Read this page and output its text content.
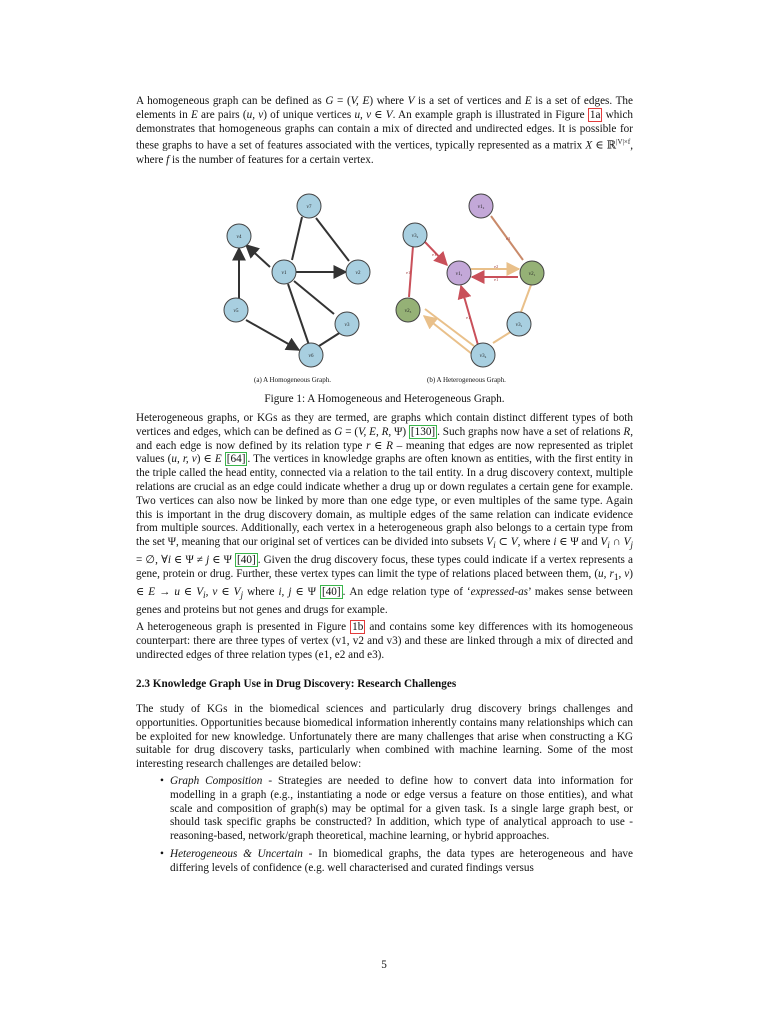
A homogeneous graph can be defined as G = (V, E) where V is a set of vertices and E is a set of edges. The elements in E are pairs (u, v) of unique vertices u, v ∈ V. An example graph is illustrated in Figure 1a which demonstrates that homogeneous graphs can contain a mix of directed and undirected edges. It is possible for these graphs to have a set of features associated with the vertices, typically represented as a matrix X ∈ ℝ$^{|V|\times f}$, where f is the number of features for a certain vertex.

e1
e1
e1
e1
e2
e3
v7
v4
v1	v2
v5
v3
v6
v1₂
v3₂
v1₁	v2₁
v2₃
v3₁
v3₄
(a) A Homogeneous Graph.	(b) A Heterogeneous Graph.
Figure 1: A Homogeneous and Heterogeneous Graph.

Heterogeneous graphs, or KGs as they are termed, are graphs which contain distinct different types of both vertices and edges, which can be defined as G = (V, E, R, Ψ) [130] . Such graphs now have a set of relations R, and each edge is now defined by its relation type r ∈ R – meaning that edges are now represented as triplet values (u, r, v) ∈ E [64] . The vertices in knowledge graphs are often known as entities, with the first entity in the triple called the head entity, connected via a relation to the tail entity. In a drug discovery context, multiple relations are crucial as an edge could indicate whether a drug up or down regulates a certain gene for example. Two vertices can also now be linked by more than one edge type, or even multiples of the same type. Again this is important in the drug discovery domain, as multiple edges of the same relation can indicate evidence from multiple sources. Additionally, each vertex in a heterogeneous graph also belongs to a certain type from the set Ψ, meaning that our original set of vertices can be divided into subsets $V_i$ ⊂ V, where i ∈ Ψ and $V_i$ ∩ $V_j$ = ∅, ∀i ∈ Ψ ≠ j ∈ Ψ [40] . Given the drug discovery focus, these types could indicate if a vertex represents a gene, protein or drug. Further, these vertex types can limit the type of relations placed between them, (u, $r_1$, v) ∈ E → u ∈ $V_i$, v ∈ $V_j$ where i, j ∈ Ψ [40] . An edge relation type of ‘expressed-as’ makes sense between genes and proteins but not genes and drugs for example.

A heterogeneous graph is presented in Figure 1b and contains some key differences with its homogeneous counterpart: there are three types of vertex (v1, v2 and v3) and these are linked through a mix of directed and undirected edges of three relation types (e1, e2 and e3).

2.3 Knowledge Graph Use in Drug Discovery: Research Challenges

The study of KGs in the biomedical sciences and particularly drug discovery brings challenges and opportunities. Opportunities because biomedical information inherently contains many relationships which can be exploited for new knowledge. Unfortunately there are many challenges that arise when constructing a KG suitable for drug discovery tasks, particularly when combined with machine learning. Some of the most interesting research challenges are detailed below:

• Graph Composition - Strategies are needed to define how to convert data into information for modelling in a graph (e.g., instantiating a node or edge versus a feature on those entities), and what scale and composition of graph(s) may be optimal for a given task. Is a single large graph best, or should task specific graphs be constructed? In addition, which type of analytical approach to use - reasoning-based, network/graph theoretical, machine learning, or hybrid approaches.
• Heterogeneous & Uncertain - In biomedical graphs, the data types are heterogeneous and have differing levels of confidence (e.g. well characterised and curated findings versus
5
